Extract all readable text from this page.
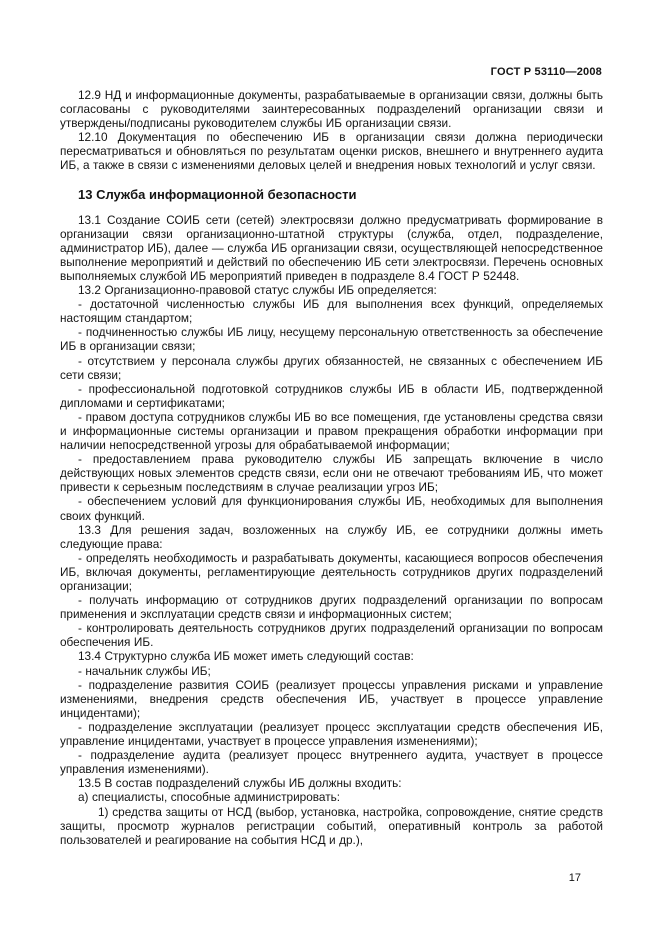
ГОСТ Р 53110—2008

12.9 НД и информационные документы, разрабатываемые в организации связи, должны быть согласованы с руководителями заинтересованных подразделений организации связи и утверждены/подписаны руководителем службы ИБ организации связи.

12.10 Документация по обеспечению ИБ в организации связи должна периодически пересматриваться и обновляться по результатам оценки рисков, внешнего и внутреннего аудита ИБ, а также в связи с изменениями деловых целей и внедрения новых технологий и услуг связи.

13 Служба информационной безопасности

13.1 Создание СОИБ сети (сетей) электросвязи должно предусматривать формирование в организации связи организационно-штатной структуры (служба, отдел, подразделение, администратор ИБ), далее — служба ИБ организации связи, осуществляющей непосредственное выполнение мероприятий и действий по обеспечению ИБ сети электросвязи. Перечень основных выполняемых службой ИБ мероприятий приведен в подразделе 8.4 ГОСТ Р 52448.

13.2 Организационно-правовой статус службы ИБ определяется:

- достаточной численностью службы ИБ для выполнения всех функций, определяемых настоящим стандартом;

- подчиненностью службы ИБ лицу, несущему персональную ответственность за обеспечение ИБ в организации связи;

- отсутствием у персонала службы других обязанностей, не связанных с обеспечением ИБ сети связи;

- профессиональной подготовкой сотрудников службы ИБ в области ИБ, подтвержденной дипломами и сертификатами;

- правом доступа сотрудников службы ИБ во все помещения, где установлены средства связи и информационные системы организации и правом прекращения обработки информации при наличии непосредственной угрозы для обрабатываемой информации;

- предоставлением права руководителю службы ИБ запрещать включение в число действующих новых элементов средств связи, если они не отвечают требованиям ИБ, что может привести к серьезным последствиям в случае реализации угроз ИБ;

- обеспечением условий для функционирования службы ИБ, необходимых для выполнения своих функций.

13.3 Для решения задач, возложенных на службу ИБ, ее сотрудники должны иметь следующие права:

- определять необходимость и разрабатывать документы, касающиеся вопросов обеспечения ИБ, включая документы, регламентирующие деятельность сотрудников других подразделений организации;

- получать информацию от сотрудников других подразделений организации по вопросам применения и эксплуатации средств связи и информационных систем;

- контролировать деятельность сотрудников других подразделений организации по вопросам обеспечения ИБ.

13.4 Структурно служба ИБ может иметь следующий состав:

- начальник службы ИБ;

- подразделение развития СОИБ (реализует процессы управления рисками и управление изменениями, внедрения средств обеспечения ИБ, участвует в процессе управление инцидентами);

- подразделение эксплуатации (реализует процесс эксплуатации средств обеспечения ИБ, управление инцидентами, участвует в процессе управления изменениями);

- подразделение аудита (реализует процесс внутреннего аудита, участвует в процессе управления изменениями).

13.5 В состав подразделений службы ИБ должны входить:

а) специалисты, способные администрировать:

1) средства защиты от НСД (выбор, установка, настройка, сопровождение, снятие средств защиты, просмотр журналов регистрации событий, оперативный контроль за работой пользователей и реагирование на события НСД и др.),

17
